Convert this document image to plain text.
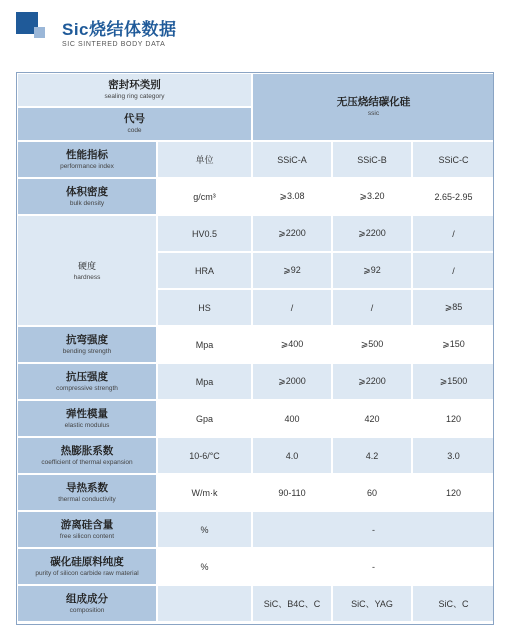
Sic烧结体数据
SIC SINTERED BODY DATA
密封环类别
sealing ring category		无压烧结碳化硅
ssic		

代号
code				

性能指标
performance index	单位	SSiC-A	SSiC-B	SSiC-C

体积密度
bulk density	g/cm³	⩾3.08	⩾3.20	2.65-2.95

硬度
hardness	HV0.5	⩾2200	⩾2200	/
	HRA	⩾92	⩾92	/
	HS	/	/	⩾85

抗弯强度
bending strength	Mpa	⩾400	⩾500	⩾150

抗压强度
compressive strength	Mpa	⩾2000	⩾2200	⩾1500

弹性模量
elastic modulus	Gpa	400	420	120

热膨胀系数
coefficient of thermal expansion	10-6/°C	4.0	4.2	3.0

导热系数
thermal conductivity	W/m·k	90-110	60	120

游离硅含量
free silicon content	%	-		

碳化硅原料纯度
purity of silicon carbide raw material	%	-		

组成成分
composition		SiC、B4C、C	SiC、YAG	SiC、C
